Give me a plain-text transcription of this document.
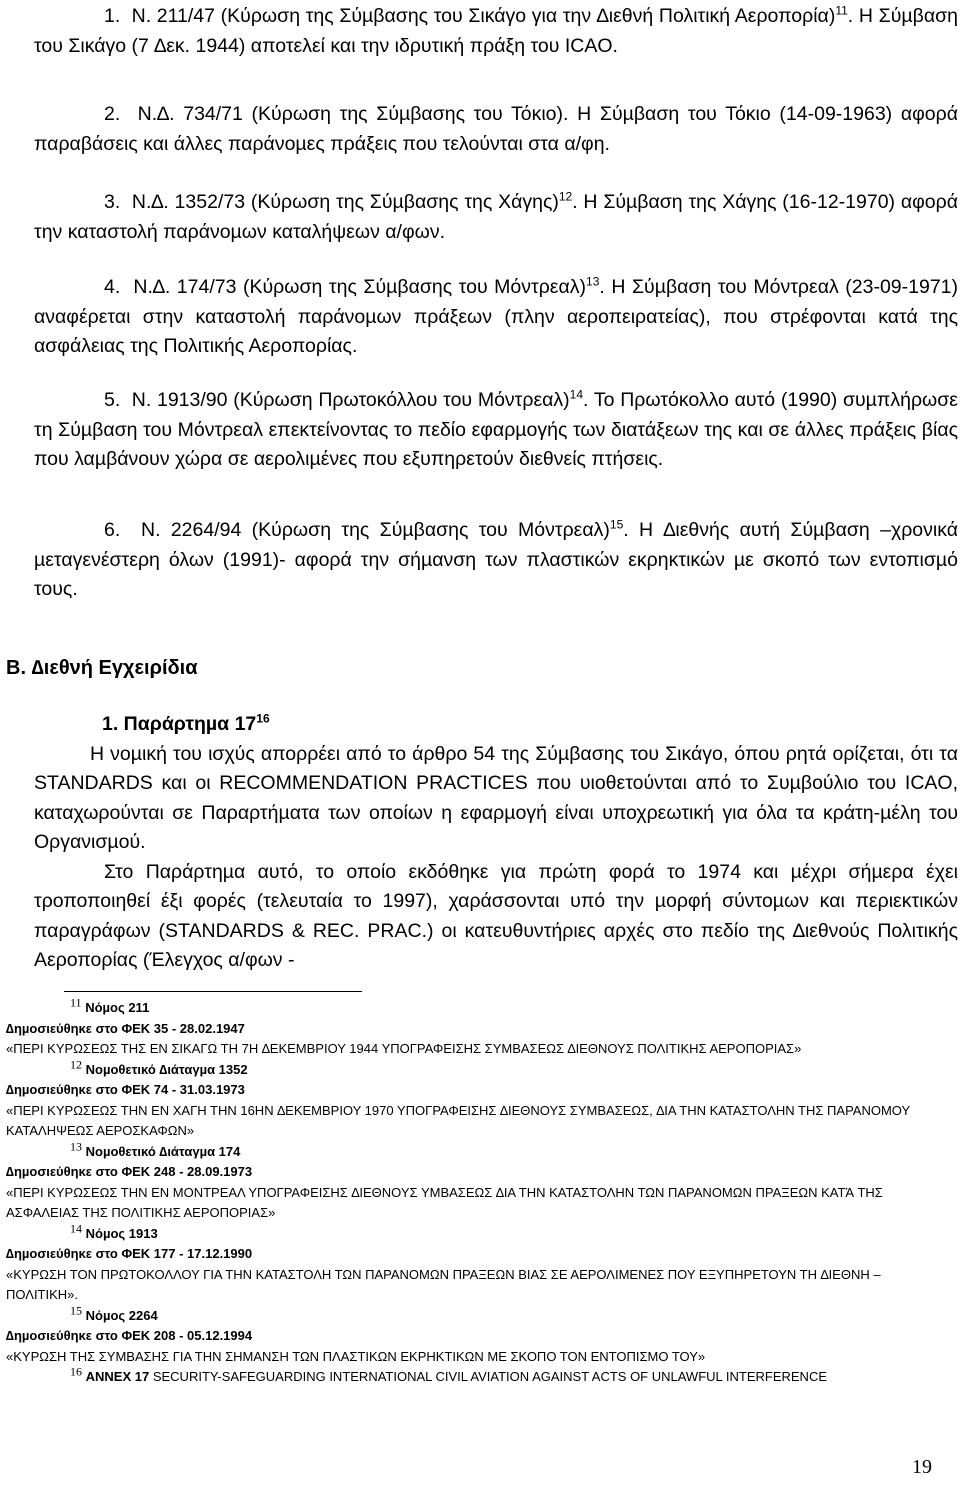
1. Ν. 211/47 (Κύρωση της Σύµβασης του Σικάγο για την ∆ιεθνή Πολιτική Αεροπορία)$^{11}$. Η Σύµβαση του Σικάγο (7 ∆εκ. 1944) αποτελεί και την ιδρυτική πράξη του ICAO.

2. Ν.∆. 734/71 (Κύρωση της Σύµβασης του Τόκιο). Η Σύµβαση του Τόκιο (14-09-1963) αφορά παραβάσεις και άλλες παράνοµες πράξεις που τελούνται στα α/φη.

3. Ν.∆. 1352/73 (Κύρωση της Σύµβασης της Χάγης)$^{12}$. Η Σύµβαση της Χάγης (16-12-1970) αφορά την καταστολή παράνοµων καταλήψεων α/φων.

4. Ν.∆. 174/73 (Κύρωση της Σύµβασης του Μόντρεαλ)$^{13}$. Η Σύµβαση του Μόντρεαλ (23-09-1971) αναφέρεται στην καταστολή παράνοµων πράξεων (πλην αεροπειρατείας), που στρέφονται κατά της ασφάλειας της Πολιτικής Αεροπορίας.

5. Ν. 1913/90 (Κύρωση Πρωτοκόλλου του Μόντρεαλ)$^{14}$. Το Πρωτόκολλο αυτό (1990) συµπλήρωσε τη Σύµβαση του Μόντρεαλ επεκτείνοντας το πεδίο εφαρµογής των διατάξεων της και σε άλλες πράξεις βίας που λαµβάνουν χώρα σε αερολιµένες που εξυπηρετούν διεθνείς πτήσεις.

6. Ν. 2264/94 (Κύρωση της Σύµβασης του Μόντρεαλ)$^{15}$. Η ∆ιεθνής αυτή Σύµβαση –χρονικά µεταγενέστερη όλων (1991)- αφορά την σήµανση των πλαστικών εκρηκτικών µε σκοπό των εντοπισµό τους.

Β. ∆ιεθνή Εγχειρίδια

1. Παράρτηµα $17^{16}$
Η νοµική του ισχύς απορρέει από το άρθρο 54 της Σύµβασης του Σικάγο, όπου ρητά ορίζεται, ότι τα STANDARDS και οι RECOMMENDATION PRACTICES που υιοθετούνται από το Συµβούλιο του ICAO, καταχωρούνται σε Παραρτήµατα των οποίων η εφαρµογή είναι υποχρεωτική για όλα τα κράτη-µέλη του Οργανισµού.
Στο Παράρτηµα αυτό, το οποίο εκδόθηκε για πρώτη φορά το 1974 και µέχρι σήµερα έχει τροποποιηθεί έξι φορές (τελευταία το 1997), χαράσσονται υπό την µορφή σύντοµων και περιεκτικών παραγράφων (STANDARDS & REC. PRAC.) οι κατευθυντήριες αρχές στο πεδίο της ∆ιεθνούς Πολιτικής Αεροπορίας (Έλεγχος α/φων -

11 Νόµος 211
∆ηµοσιεύθηκε στο ΦΕΚ 35 - 28.02.1947
«ΠΕΡΙ ΚΥΡΩΣΕΩΣ ΤΗΣ ΕΝ ΣΙΚΑΓΩ ΤΗ 7Η ∆ΕΚΕΜΒΡΙΟΥ 1944 ΥΠΟΓΡΑΦΕΙΣΗΣ ΣΥΜΒΑΣΕΩΣ ∆ΙΕΘΝΟΥΣ ΠΟΛΙΤΙΚΗΣ ΑΕΡΟΠΟΡΙΑΣ»
12 Νοµοθετικό ∆ιάταγµα 1352
∆ηµοσιεύθηκε στο ΦΕΚ 74 - 31.03.1973
«ΠΕΡΙ ΚΥΡΩΣΕΩΣ ΤΗΝ ΕΝ ΧΑΓΗ ΤΗΝ 16ΗΝ ∆ΕΚΕΜΒΡΙΟΥ 1970 ΥΠΟΓΡΑΦΕΙΣΗΣ ∆ΙΕΘΝΟΥΣ ΣΥΜΒΑΣΕΩΣ, ∆ΙΑ ΤΗΝ ΚΑΤΑΣΤΟΛΗΝ ΤΗΣ ΠΑΡΑΝΟΜΟΥ ΚΑΤΑΛΗΨΕΩΣ ΑΕΡΟΣΚΑΦΩΝ»
13 Νοµοθετικό ∆ιάταγµα 174
∆ηµοσιεύθηκε στο ΦΕΚ 248 - 28.09.1973
«ΠΕΡΙ ΚΥΡΩΣΕΩΣ ΤΗΝ ΕΝ ΜΟΝΤΡΕΑΛ ΥΠΟΓΡΑΦΕΙΣΗΣ ∆ΙΕΘΝΟΥΣ ΥΜΒΑΣΕΩΣ ∆ΙΑ ΤΗΝ ΚΑΤΑΣΤΟΛΗΝ ΤΩΝ ΠΑΡΑΝΟΜΩΝ ΠΡΑΞΕΩΝ ΚΑΤΆ ΤΗΣ ΑΣΦΑΛΕΙΑΣ ΤΗΣ ΠΟΛΙΤΙΚΗΣ ΑΕΡΟΠΟΡΙΑΣ»
14 Νόµος 1913
∆ηµοσιεύθηκε στο ΦΕΚ 177 - 17.12.1990
«ΚΥΡΩΣΗ ΤΟΝ ΠΡΩΤΟΚΟΛΛΟΥ ΓΙΑ ΤΗΝ ΚΑΤΑΣΤΟΛΗ ΤΩΝ ΠΑΡΑΝΟΜΩΝ ΠΡΑΞΕΩΝ ΒΙΑΣ ΣΕ ΑΕΡΟΛΙΜΕΝΕΣ ΠΟΥ ΕΞΥΠΗΡΕΤΟΥΝ ΤΗ ∆ΙΕΘΝΗ – ΠΟΛΙΤΙΚΗ».
15 Νόµος 2264
∆ηµοσιεύθηκε στο ΦΕΚ 208 - 05.12.1994
«ΚΥΡΩΣΗ ΤΗΣ ΣΥΜΒΑΣΗΣ ΓΙΑ ΤΗΝ ΣΗΜΑΝΣΗ ΤΩΝ ΠΛΑΣΤΙΚΩΝ ΕΚΡΗΚΤΙΚΩΝ ΜΕ ΣΚΟΠΟ ΤΟΝ ΕΝΤΟΠΙΣΜΟ ΤΟΥ»
16 ANNEX 17 SECURITY-SAFEGUARDING INTERNATIONAL CIVIL AVIATION AGAINST ACTS OF UNLAWFUL INTERFERENCE
19
